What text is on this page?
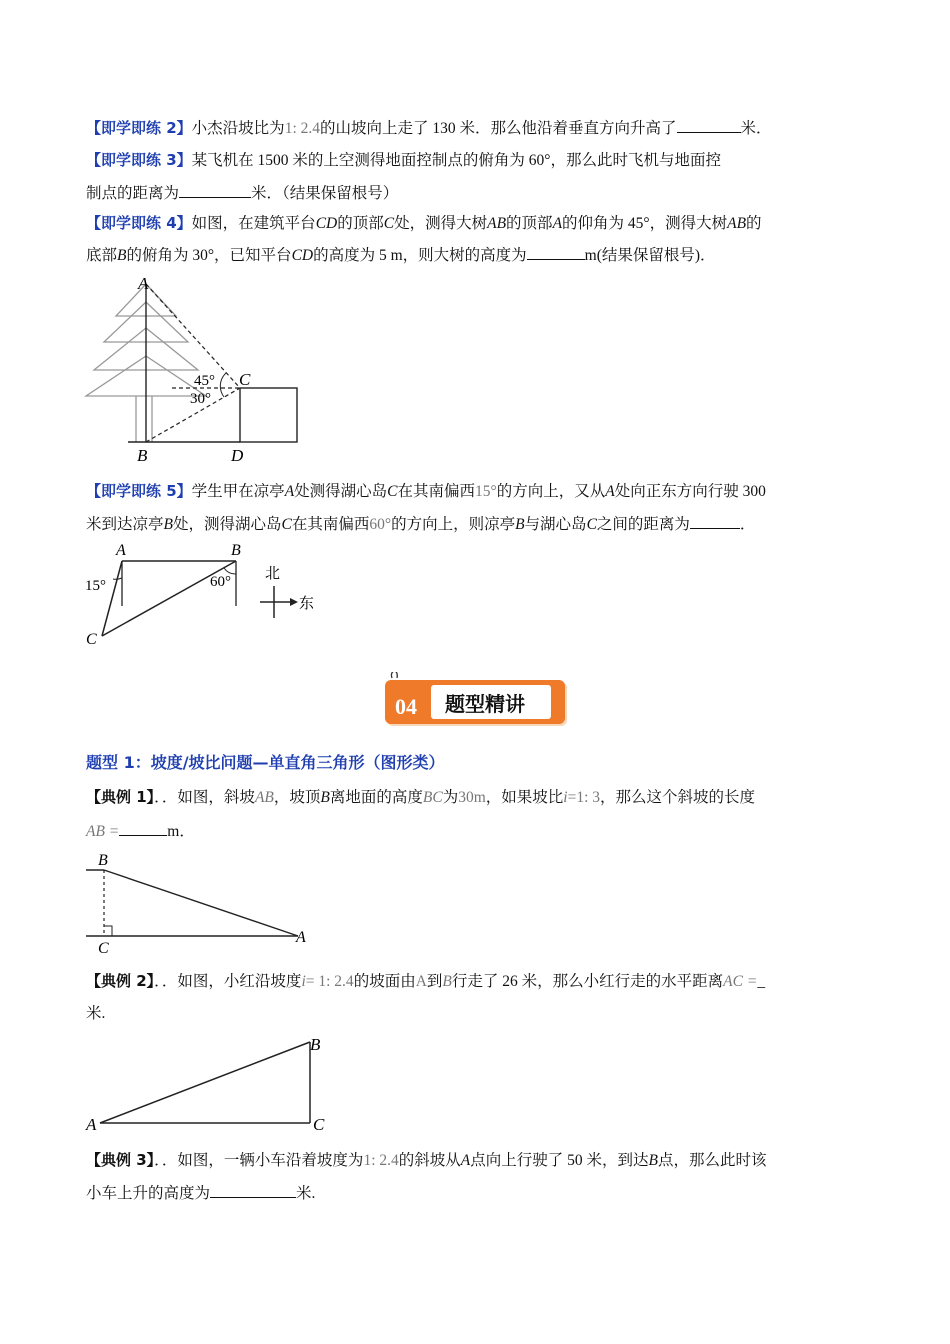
【即学即练 2】小杰沿坡比为1: 2.4的山坡向上走了 130 米．那么他沿着垂直方向升高了	米．
【即学即练 3】某飞机在 1500 米的上空测得地面控制点的俯角为 60°，那么此时飞机与地面控
制点的距离为	米．（结果保留根号）
【即学即练 4】如图，在建筑平台CD的顶部C处，测得大树AB的顶部A的仰角为 45°，测得大树AB的
底部B的俯角为 30°，已知平台CD的高度为 5 m，则大树的高度为	m(结果保留根号)．
A
B
C
D
45°
30°
【即学即练 5】学生甲在凉亭A处测得湖心岛C在其南偏西15°的方向上，又从A处向正东方向行驶 300
米到达凉亭B处，测得湖心岛C在其南偏西60°的方向上，则凉亭B与湖心岛C之间的距离为	．
A	B
C
15°	60° 北
东
04 题型精讲
题型 1：坡度/坡比问题—单直角三角形（图形类）
【典例 1】．．如图，斜坡AB，坡顶B离地面的高度BC为30m，如果坡比i=1: 3，那么这个斜坡的长度
AB =	m．
B
C
A
【典例 2】．．如图，小红沿坡度i= 1: 2.4的坡面由A到B行走了 26 米，那么小红行走的水平距离AC =_
米.
A
B
C
【典例 3】．．如图，一辆小车沿着坡度为1: 2.4的斜坡从A点向上行驶了 50 米，到达B点，那么此时该
小车上升的高度为	米.
